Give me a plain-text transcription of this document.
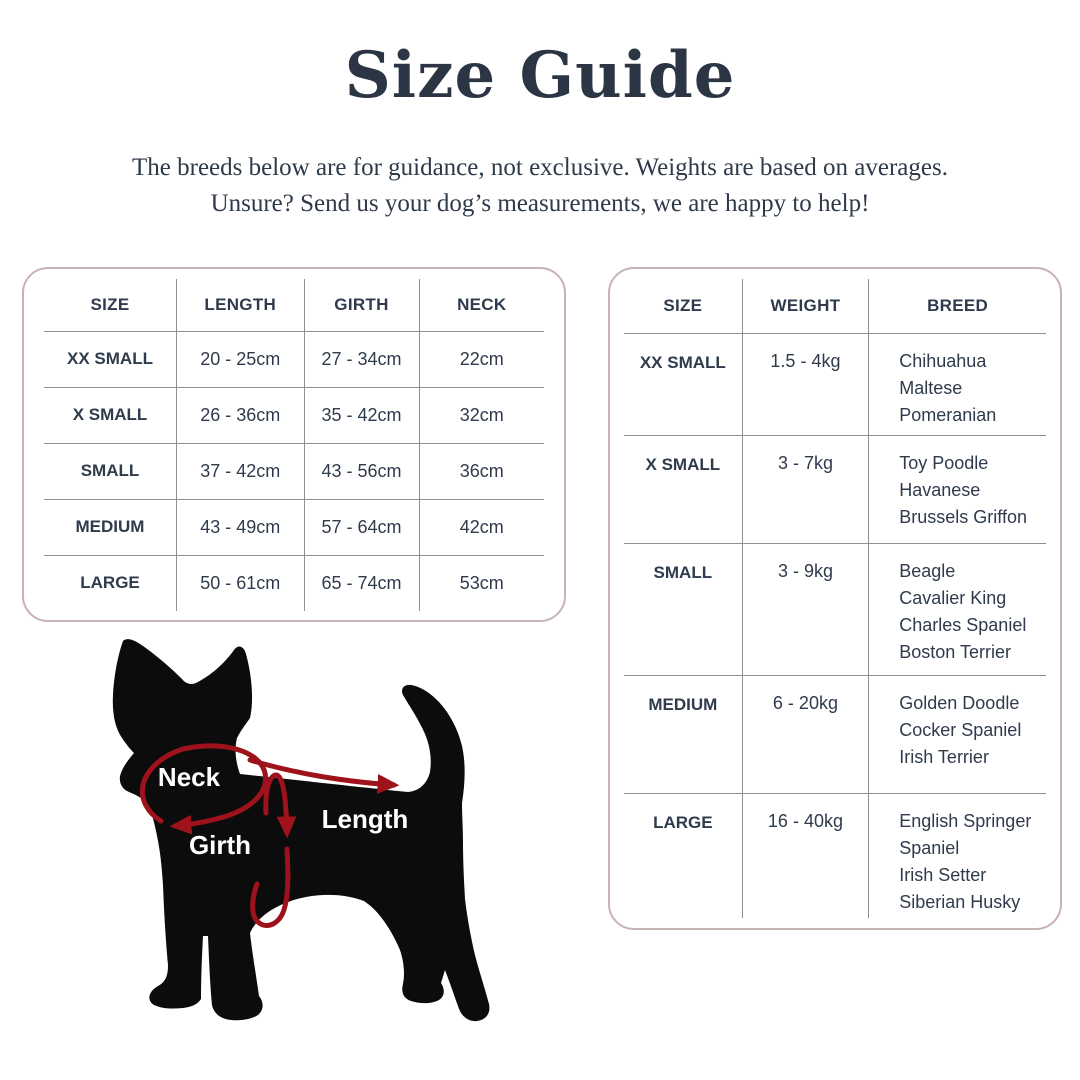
Size Guide
The breeds below are for guidance, not exclusive. Weights are based on averages.
Unsure? Send us your dog’s measurements, we are happy to help!
SIZE	LENGTH	GIRTH	NECK
XX SMALL	20 - 25cm	27 - 34cm	22cm
X SMALL	26 - 36cm	35 - 42cm	32cm
SMALL	37 - 42cm	43 - 56cm	36cm
MEDIUM	43 - 49cm	57 - 64cm	42cm
LARGE	50 - 61cm	65 - 74cm	53cm
SIZE	WEIGHT	BREED
XX SMALL	1.5 - 4kg	Chihuahua
Maltese
Pomeranian

X SMALL	3 - 7kg	Toy Poodle
Havanese
Brussels Griffon

SMALL	3 - 9kg	Beagle
Cavalier King
Charles Spaniel
Boston Terrier

MEDIUM	6 - 20kg	Golden Doodle
Cocker Spaniel
Irish Terrier

LARGE	16 - 40kg	English Springer
Spaniel
Irish Setter
Siberian Husky
Neck
Girth
Length
